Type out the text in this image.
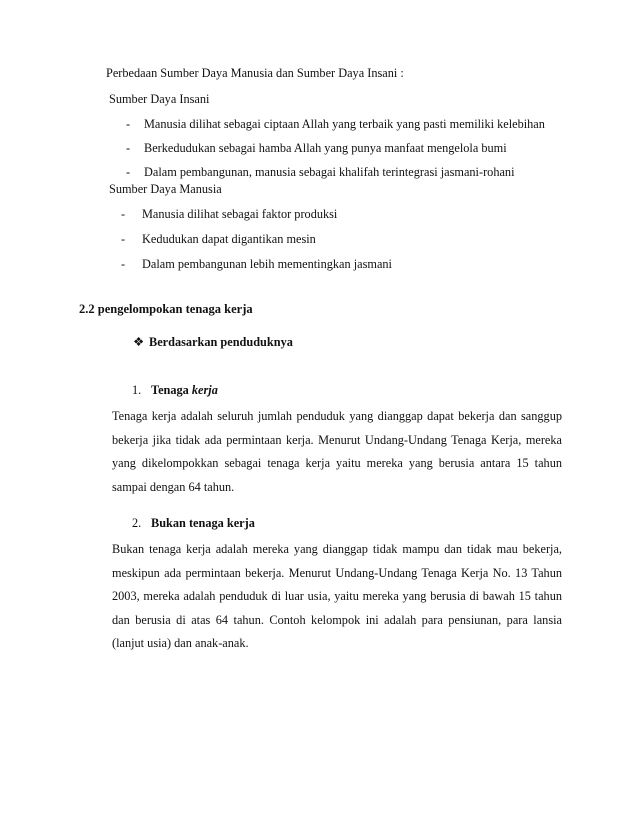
Perbedaan Sumber Daya Manusia dan Sumber Daya Insani :
Sumber Daya Insani
- Manusia dilihat sebagai ciptaan Allah yang terbaik yang pasti memiliki kelebihan
- Berkedudukan sebagai hamba Allah yang punya manfaat mengelola bumi
- Dalam pembangunan, manusia sebagai khalifah terintegrasi jasmani-rohani
Sumber Daya Manusia
- Manusia dilihat sebagai faktor produksi
- Kedudukan dapat digantikan mesin
- Dalam pembangunan lebih mementingkan jasmani
2.2 pengelompokan tenaga kerja
❖ Berdasarkan penduduknya
1. Tenaga kerja
Tenaga kerja adalah seluruh jumlah penduduk yang dianggap dapat bekerja dan sanggup
bekerja jika tidak ada permintaan kerja. Menurut Undang-Undang Tenaga Kerja, mereka
yang dikelompokkan sebagai tenaga kerja yaitu mereka yang berusia antara 15 tahun
sampai dengan 64 tahun.
2. Bukan tenaga kerja
Bukan tenaga kerja adalah mereka yang dianggap tidak mampu dan tidak mau bekerja,
meskipun ada permintaan bekerja. Menurut Undang-Undang Tenaga Kerja No. 13 Tahun
2003, mereka adalah penduduk di luar usia, yaitu mereka yang berusia di bawah 15 tahun
dan berusia di atas 64 tahun. Contoh kelompok ini adalah para pensiunan, para lansia
(lanjut usia) dan anak-anak.
